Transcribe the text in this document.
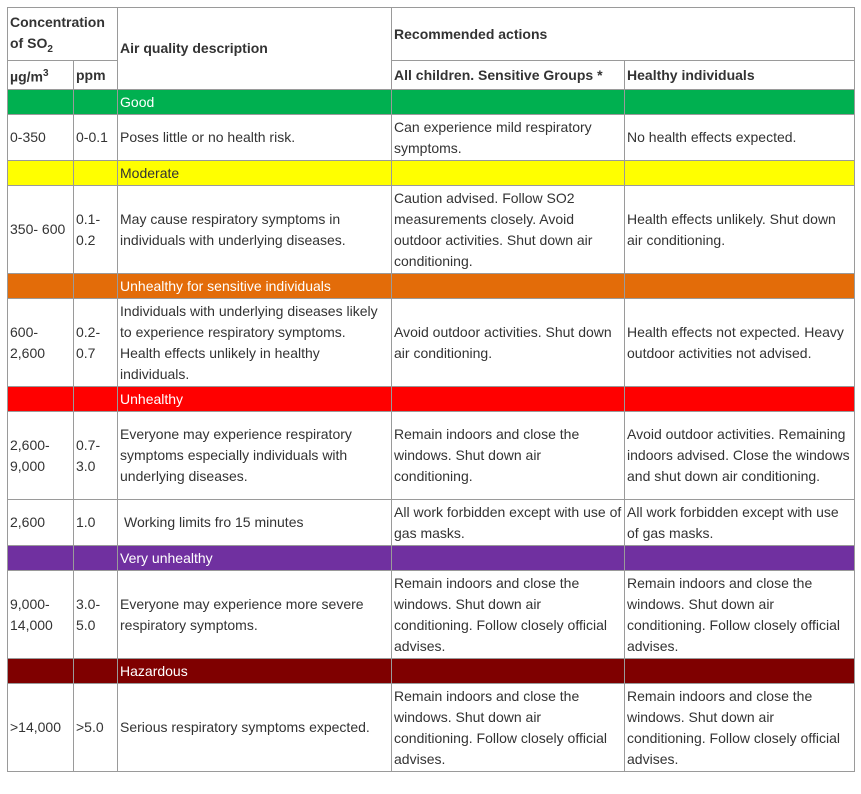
Concentration
of $SO_2$		Air quality description	Recommended actions	
$\mu g/m^3$	ppm		All children. Sensitive Groups *	Healthy individuals
		Good		
0-350	0-0.1	Poses little or no health risk.	Can experience mild respiratory symptoms.	No health effects expected.
		Moderate		
350- 600	0.1-0.2	May cause respiratory symptoms in individuals with underlying diseases.	Caution advised. Follow SO2 measurements closely. Avoid outdoor activities. Shut down air conditioning.	Health effects unlikely. Shut down air conditioning.
		Unhealthy for sensitive individuals		
600-2,600	0.2-0.7	Individuals with underlying diseases likely to experience respiratory symptoms. Health effects unlikely in healthy individuals.	Avoid outdoor activities. Shut down air conditioning.	Health effects not expected. Heavy outdoor activities not advised.
		Unhealthy		
2,600-9,000	0.7-3.0	Everyone may experience respiratory symptoms especially individuals with underlying diseases.	Remain indoors and close the windows. Shut down air conditioning.	Avoid outdoor activities. Remaining indoors advised. Close the windows and shut down air conditioning.
2,600	1.0	Working limits fro 15 minutes	All work forbidden except with use of gas masks.	All work forbidden except with use of gas masks.
		Very unhealthy		
9,000-14,000	3.0-5.0	Everyone may experience more severe respiratory symptoms.	Remain indoors and close the windows. Shut down air conditioning. Follow closely official advises.	Remain indoors and close the windows. Shut down air conditioning. Follow closely official advises.
		Hazardous		
>14,000	>5.0	Serious respiratory symptoms expected.	Remain indoors and close the windows. Shut down air conditioning. Follow closely official advises.	Remain indoors and close the windows. Shut down air conditioning. Follow closely official advises.
